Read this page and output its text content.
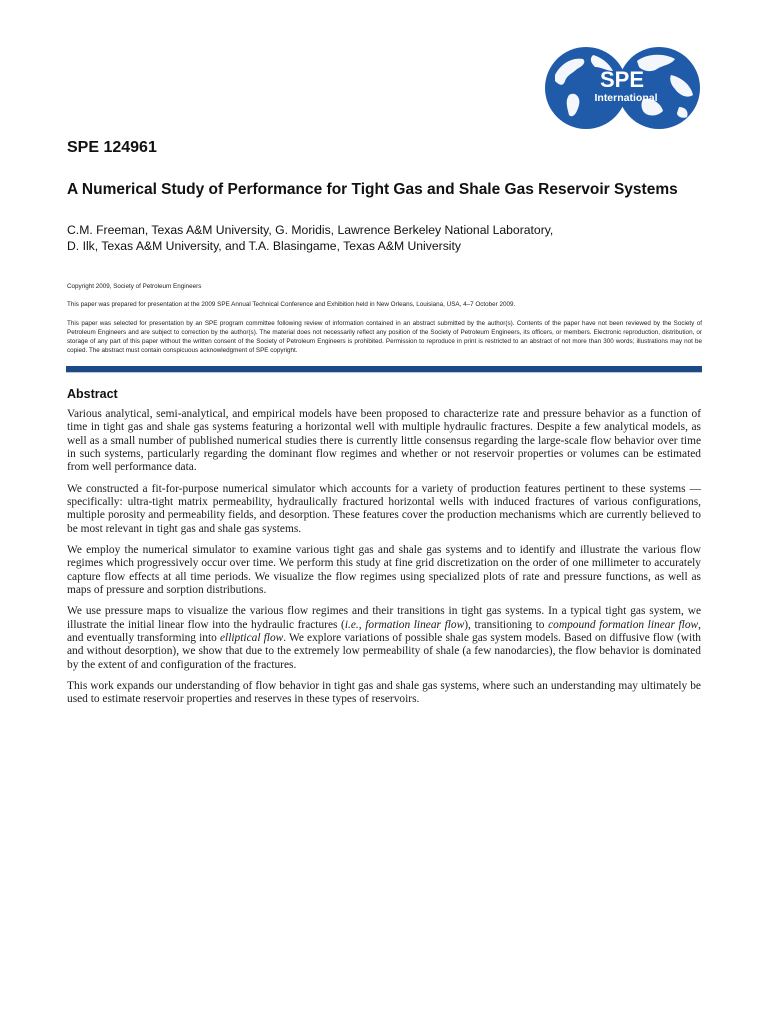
SPE
International
SPE 124961
A Numerical Study of Performance for Tight Gas and Shale Gas Reservoir Systems
C.M. Freeman, Texas A&M University, G. Moridis, Lawrence Berkeley National Laboratory,
D. Ilk, Texas A&M University, and T.A. Blasingame, Texas A&M University
Copyright 2009, Society of Petroleum Engineers
This paper was prepared for presentation at the 2009 SPE Annual Technical Conference and Exhibition held in New Orleans, Louisiana, USA, 4–7 October 2009.
This paper was selected for presentation by an SPE program committee following review of information contained in an abstract submitted by the author(s). Contents of the paper have not been reviewed by the Society of Petroleum Engineers and are subject to correction by the author(s). The material does not necessarily reflect any position of the Society of Petroleum Engineers, its officers, or members. Electronic reproduction, distribution, or storage of any part of this paper without the written consent of the Society of Petroleum Engineers is prohibited. Permission to reproduce in print is restricted to an abstract of not more than 300 words; illustrations may not be copied. The abstract must contain conspicuous acknowledgment of SPE copyright.
Abstract

Various analytical, semi-analytical, and empirical models have been proposed to characterize rate and pressure behavior as a function of time in tight gas and shale gas systems featuring a horizontal well with multiple hydraulic fractures. Despite a few analytical models, as well as a small number of published numerical studies there is currently little consensus regarding the large-scale flow behavior over time in such systems, particularly regarding the dominant flow regimes and whether or not reservoir properties or volumes can be estimated from well performance data.

We constructed a fit-for-purpose numerical simulator which accounts for a variety of production features pertinent to these systems — specifically: ultra-tight matrix permeability, hydraulically fractured horizontal wells with induced fractures of various configurations, multiple porosity and permeability fields, and desorption. These features cover the production mechanisms which are currently believed to be most relevant in tight gas and shale gas systems.

We employ the numerical simulator to examine various tight gas and shale gas systems and to identify and illustrate the various flow regimes which progressively occur over time. We perform this study at fine grid discretization on the order of one millimeter to accurately capture flow effects at all time periods. We visualize the flow regimes using specialized plots of rate and pressure functions, as well as maps of pressure and sorption distributions.

We use pressure maps to visualize the various flow regimes and their transitions in tight gas systems. In a typical tight gas system, we illustrate the initial linear flow into the hydraulic fractures (i.e., formation linear flow), transitioning to compound formation linear flow, and eventually transforming into elliptical flow. We explore variations of possible shale gas system models. Based on diffusive flow (with and without desorption), we show that due to the extremely low permeability of shale (a few nanodarcies), the flow behavior is dominated by the extent of and configuration of the fractures.

This work expands our understanding of flow behavior in tight gas and shale gas systems, where such an understanding may ultimately be used to estimate reservoir properties and reserves in these types of reservoirs.
